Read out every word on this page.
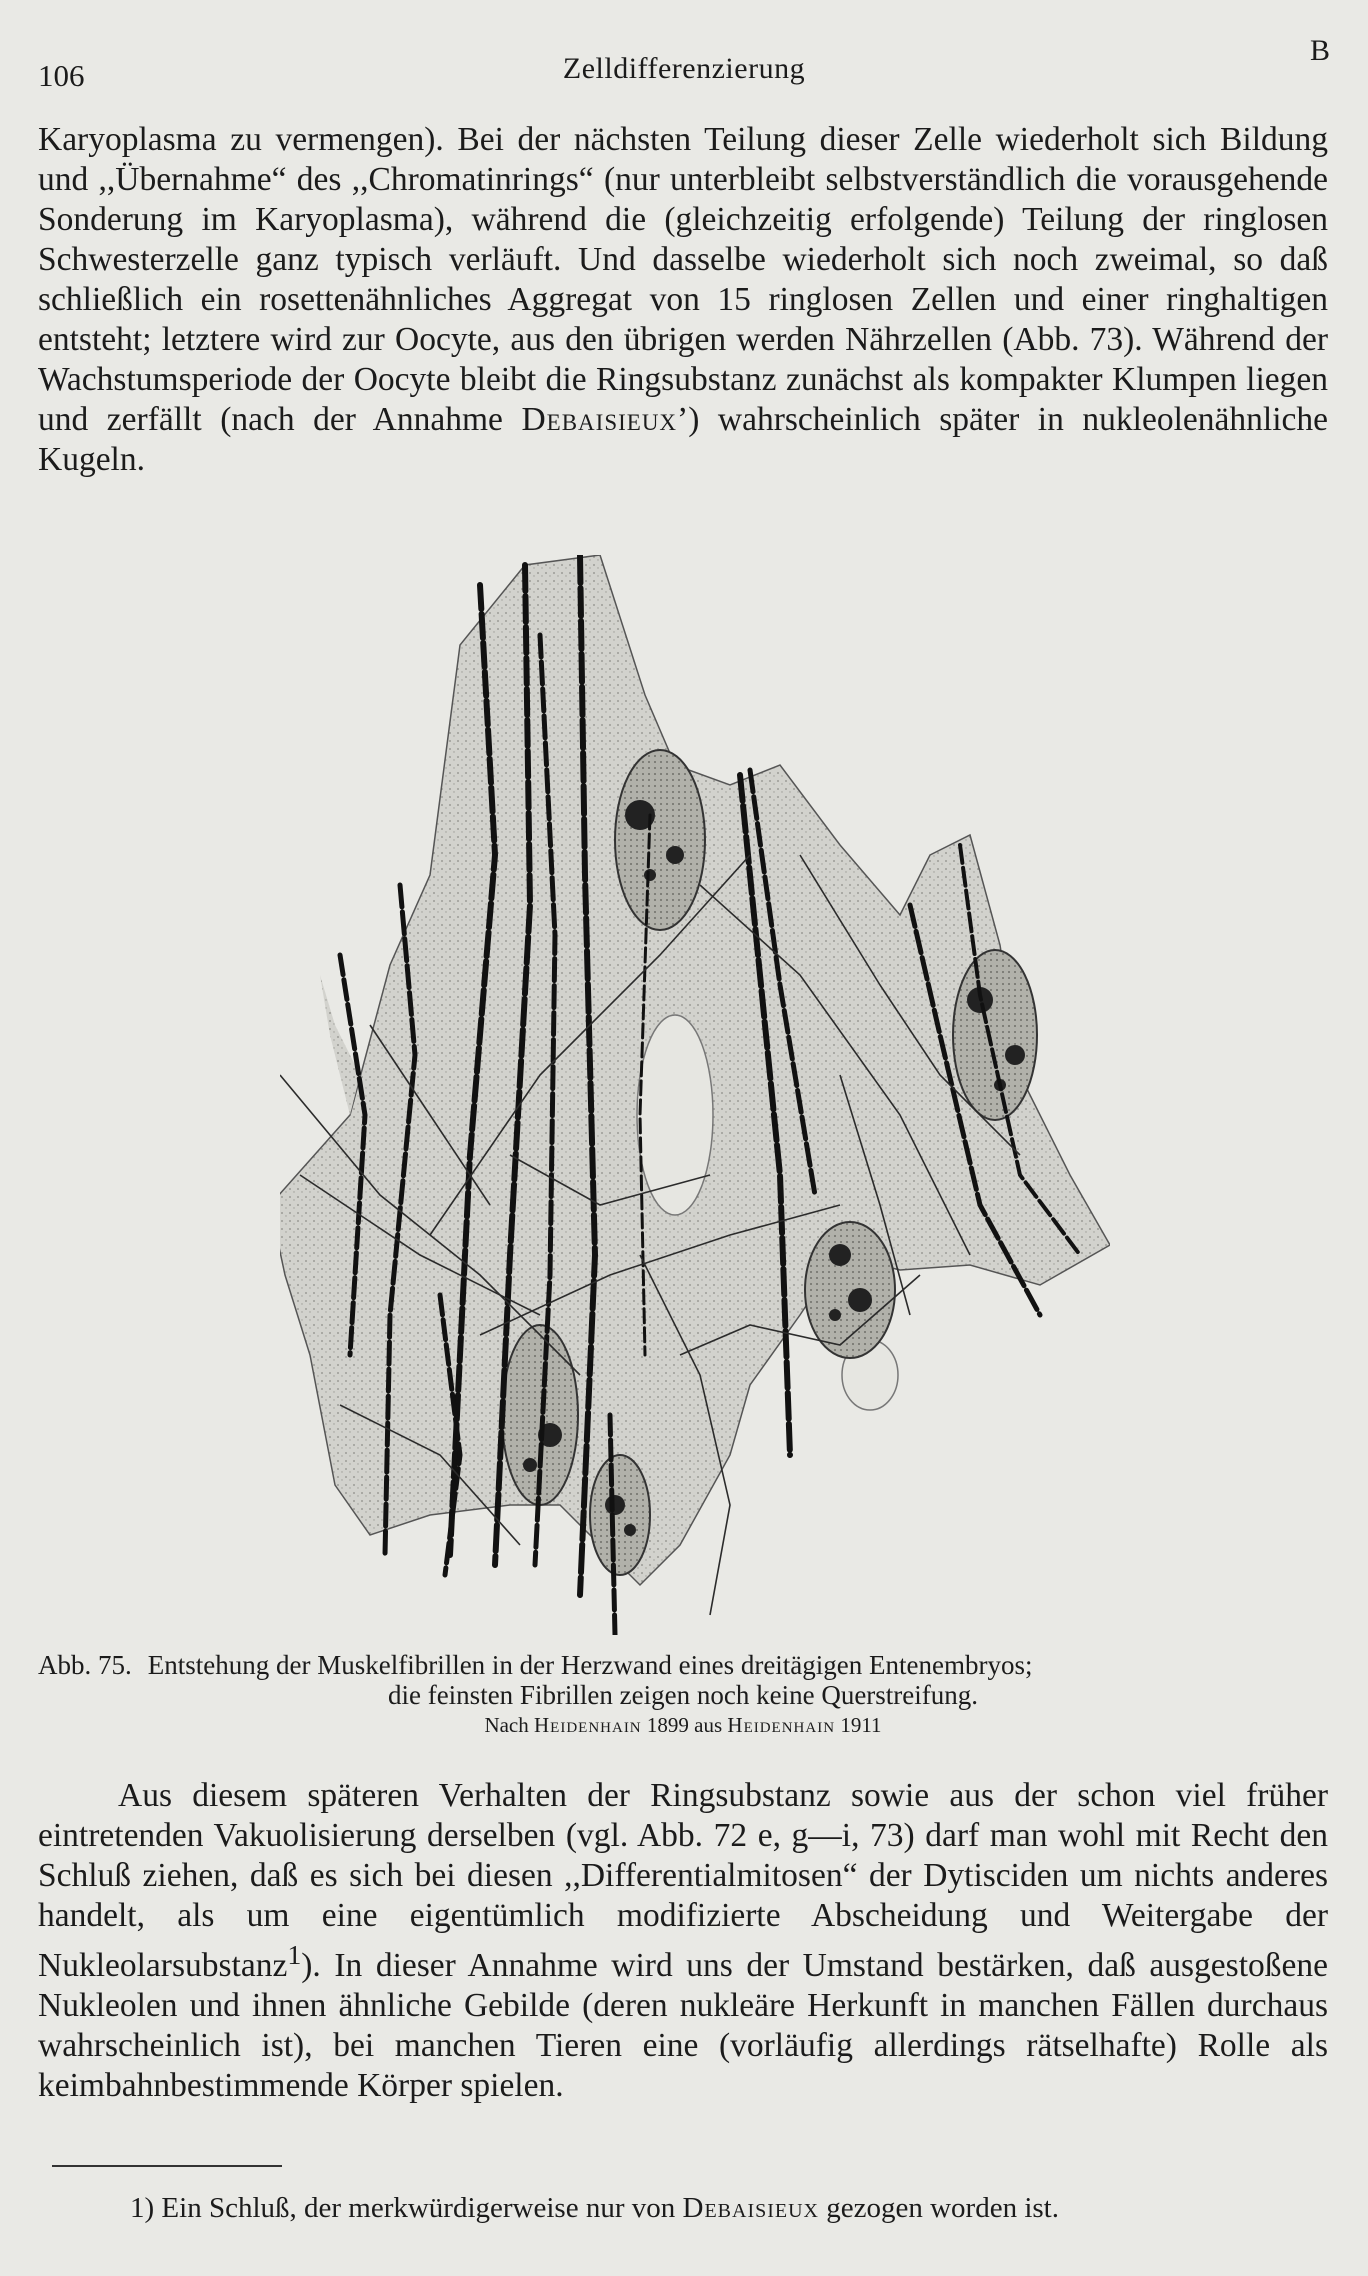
106	Zelldifferenzierung
B

Karyoplasma zu vermengen). Bei der nächsten Teilung dieser Zelle wiederholt sich Bildung und ,,Übernahme“ des ,,Chromatinrings“ (nur unterbleibt selbstverständlich die vorausgehende Sonderung im Karyoplasma), während die (gleichzeitig erfolgende) Teilung der ringlosen Schwesterzelle ganz typisch verläuft. Und dasselbe wiederholt sich noch zweimal, so daß schließlich ein rosettenähnliches Aggregat von 15 ringlosen Zellen und einer ringhaltigen entsteht; letztere wird zur Oocyte, aus den übrigen werden Nährzellen (Abb. 73). Während der Wachstumsperiode der Oocyte bleibt die Ringsubstanz zunächst als kompakter Klumpen liegen und zerfällt (nach der Annahme Debaisieux’) wahrscheinlich später in nukleolenähnliche Kugeln.

Abb. 75. Entstehung der Muskelfibrillen in der Herzwand eines dreitägigen Entenembryos;
die feinsten Fibrillen zeigen noch keine Querstreifung.
Nach Heidenhain 1899 aus Heidenhain 1911

Aus diesem späteren Verhalten der Ringsubstanz sowie aus der schon viel früher eintretenden Vakuolisierung derselben (vgl. Abb. 72 e, g—i, 73) darf man wohl mit Recht den Schluß ziehen, daß es sich bei diesen ,,Differentialmitosen“ der Dytisciden um nichts anderes handelt, als um eine eigentümlich modifizierte Abscheidung und Weitergabe der Nukleolarsubstanz$^1$). In dieser Annahme wird uns der Umstand bestärken, daß ausgestoßene Nukleolen und ihnen ähnliche Gebilde (deren nukleäre Herkunft in manchen Fällen durchaus wahrscheinlich ist), bei manchen Tieren eine (vorläufig allerdings rätselhafte) Rolle als keimbahnbestimmende Körper spielen.

1) Ein Schluß, der merkwürdigerweise nur von Debaisieux gezogen worden ist.
